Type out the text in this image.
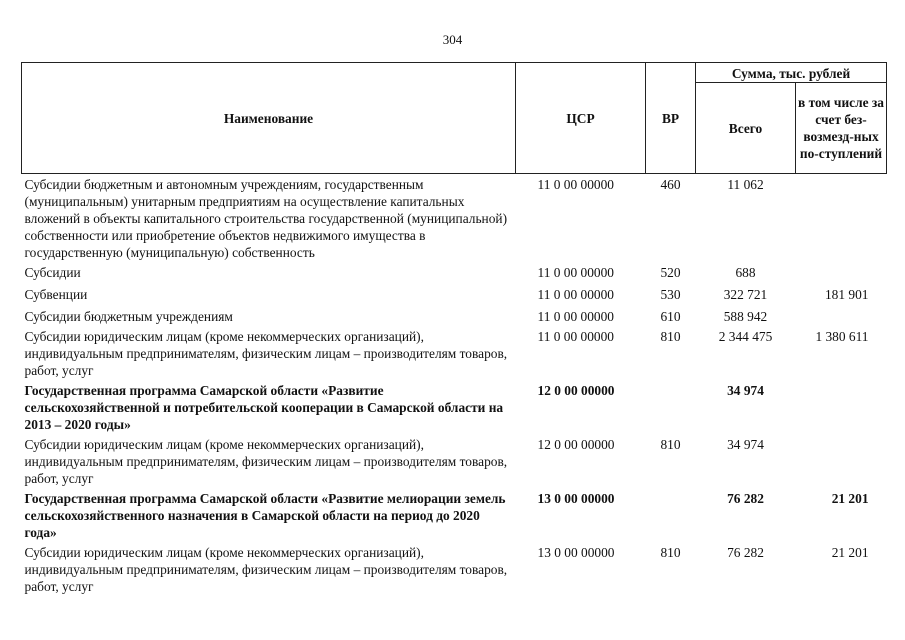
304
Наименование	ЦСР	ВР	Сумма, тыс. рублей	
			Всего	в том числе за счет без-возмезд-ных по-ступлений
Субсидии бюджетным и автономным учреждениям, государственным (муниципальным) унитарным предприятиям на осуществление капитальных вложений в объекты капитального строительства государственной (муниципальной) собственности или приобретение объектов недвижимого имущества в государственную (муниципальную) собственность	11 0 00 00000	460	11 062	
Субсидии	11 0 00 00000	520	688	
Субвенции	11 0 00 00000	530	322 721	181 901
Субсидии бюджетным учреждениям	11 0 00 00000	610	588 942	
Субсидии юридическим лицам (кроме некоммерческих организаций), индивидуальным предпринимателям, физическим лицам – производителям товаров, работ, услуг	11 0 00 00000	810	2 344 475	1 380 611
Государственная программа Самарской области «Развитие сельскохозяйственной и потребительской кооперации в Самарской области на 2013 – 2020 годы»	12 0 00 00000		34 974	
Субсидии юридическим лицам (кроме некоммерческих организаций), индивидуальным предпринимателям, физическим лицам – производителям товаров, работ, услуг	12 0 00 00000	810	34 974	
Государственная программа Самарской области «Развитие мелиорации земель сельскохозяйственного назначения в Самарской области на период до 2020 года»	13 0 00 00000		76 282	21 201
Субсидии юридическим лицам (кроме некоммерческих организаций), индивидуальным предпринимателям, физическим лицам – производителям товаров, работ, услуг	13 0 00 00000	810	76 282	21 201
